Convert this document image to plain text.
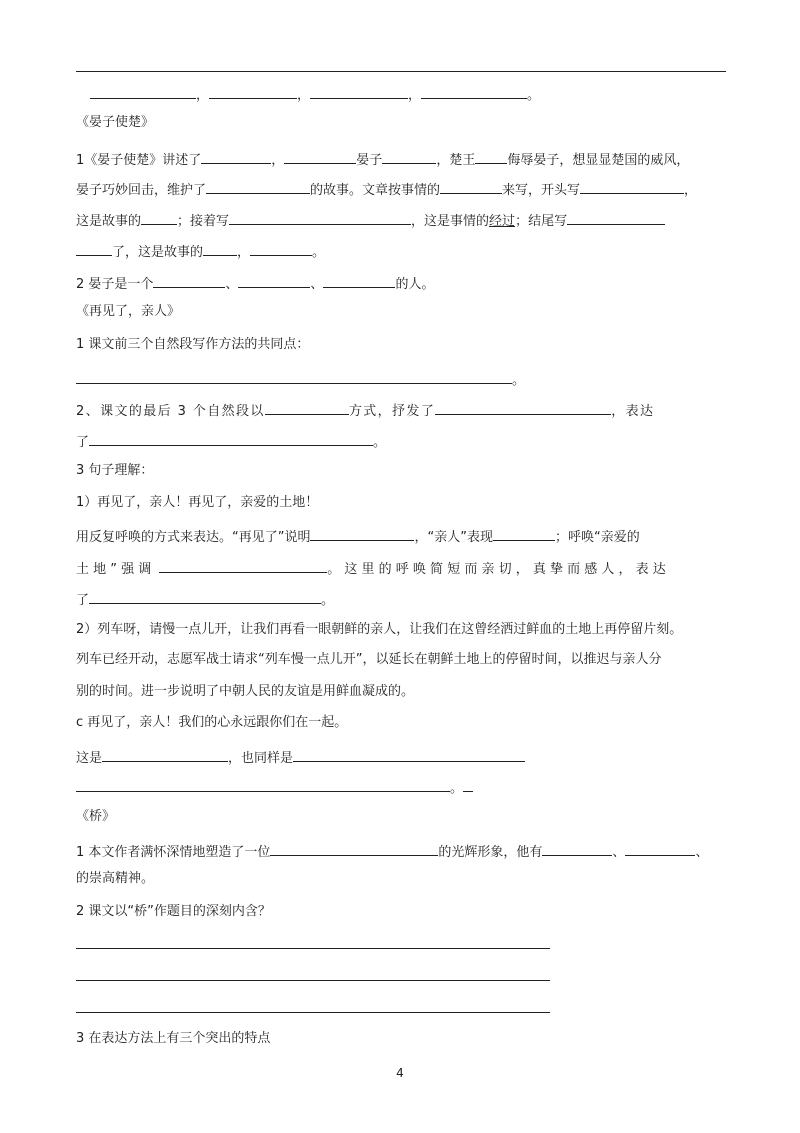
，	，	，	。
《晏子使楚》
1《晏子使楚》讲述了	，	晏子	，楚王 侮辱晏子，想显显楚国的威风，
晏子巧妙回击，维护了	的故事。文章按事情的	来写，开头写	，
这是故事的	；接着写	，这是事情的经过；结尾写
了，这是故事的	，	。
2 晏子是一个	、	、	的人。
《再见了，亲人》
1 课文前三个自然段写作方法的共同点：
。
2、课文的最后 3 个自然段以	方式，抒发了	，表达
了	。
3 句子理解：
1）再见了，亲人！再见了，亲爱的土地！
用反复呼唤的方式来表达。“再见了”说明	，“亲人”表现	；呼唤“亲爱的
土 地 ” 强 调	。 这 里 的 呼 唤 简 短 而 亲 切 ， 真 挚 而 感 人 ， 表 达
了	。
2）列车呀，请慢一点儿开，让我们再看一眼朝鲜的亲人，让我们在这曾经洒过鲜血的土地上再停留片刻。
列车已经开动，志愿军战士请求“列车慢一点儿开”，以延长在朝鲜土地上的停留时间，以推迟与亲人分
别的时间。进一步说明了中朝人民的友谊是用鲜血凝成的。
c 再见了，亲人！我们的心永远跟你们在一起。
这是	，也同样是
。
《桥》
1 本文作者满怀深情地塑造了一位	的光辉形象，他有	、	、
的崇高精神。
2 课文以“桥”作题目的深刻内含？
3 在表达方法上有三个突出的特点
4
